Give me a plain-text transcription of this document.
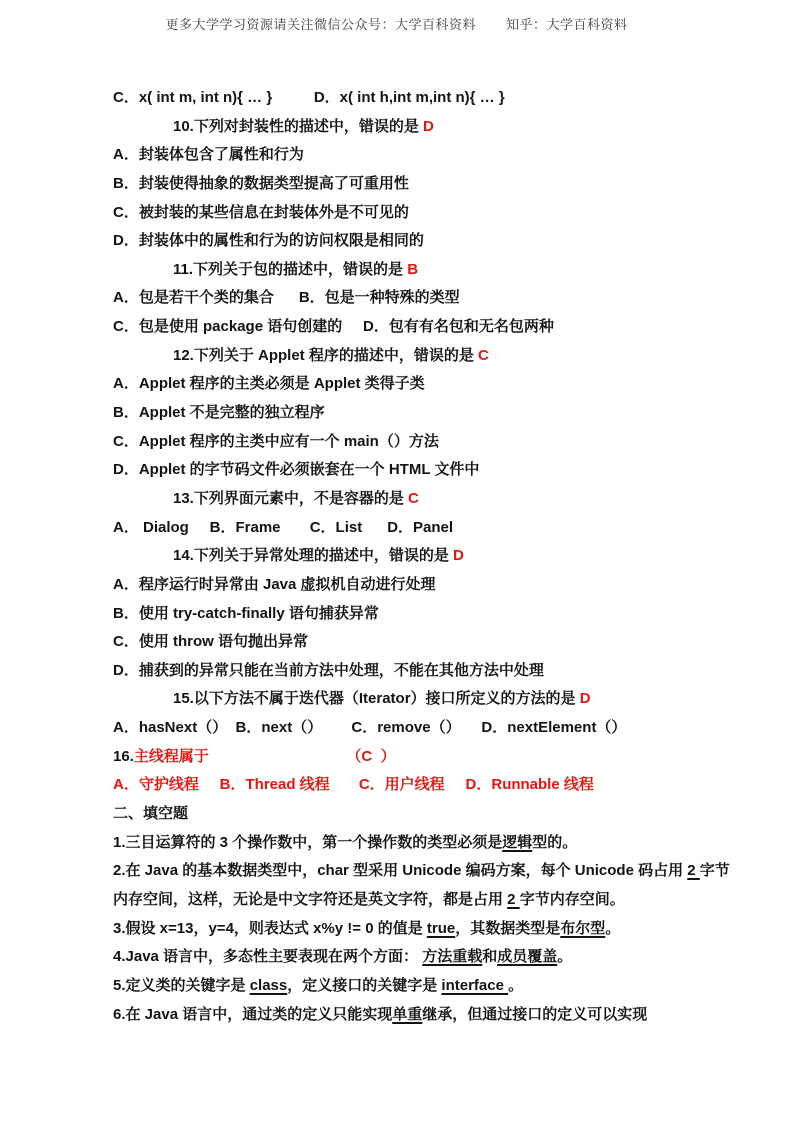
更多大学学习资源请关注微信公众号：大学百科资料        知乎：大学百科资料
C．x( int m, int n){ … }          D．x( int h,int m,int n){ … }
10.下列对封装性的描述中，错误的是 D
A．封装体包含了属性和行为
B．封装使得抽象的数据类型提高了可重用性
C．被封装的某些信息在封装体外是不可见的
D．封装体中的属性和行为的访问权限是相同的
11.下列关于包的描述中，错误的是 B
A．包是若干个类的集合      B．包是一种特殊的类型
C．包是使用 package 语句创建的     D．包有有名包和无名包两种
12.下列关于 Applet 程序的描述中，错误的是 C
A．Applet 程序的主类必须是 Applet 类得子类
B．Applet 不是完整的独立程序
C．Applet 程序的主类中应有一个 main（）方法
D．Applet 的字节码文件必须嵌套在一个 HTML 文件中
13.下列界面元素中，不是容器的是 C
A． Dialog     B．Frame       C．List      D．Panel
14.下列关于异常处理的描述中，错误的是 D
A．程序运行时异常由 Java 虚拟机自动进行处理
B．使用 try-catch-finally 语句捕获异常
C．使用 throw 语句抛出异常
D．捕获到的异常只能在当前方法中处理，不能在其他方法中处理
15.以下方法不属于迭代器（Iterator）接口所定义的方法的是 D
A．hasNext（）  B．next（）       C．remove（）     D．nextElement（）
16.主线程属于	（C  ）
A．守护线程     B．Thread 线程       C．用户线程     D．Runnable 线程
二、填空题
1.三目运算符的 3 个操作数中，第一个操作数的类型必须是逻辑型的。
2.在 Java 的基本数据类型中，char 型采用 Unicode 编码方案，每个 Unicode 码占用 2 字节
内存空间，这样，无论是中文字符还是英文字符，都是占用 2 字节内存空间。
3.假设 x=13，y=4，则表达式 x%y != 0 的值是 true，其数据类型是布尔型。
4.Java 语言中，多态性主要表现在两个方面： 方法重载和成员覆盖。
5.定义类的关键字是 class，定义接口的关键字是 interface 。
6.在 Java 语言中，通过类的定义只能实现单重继承，但通过接口的定义可以实现
